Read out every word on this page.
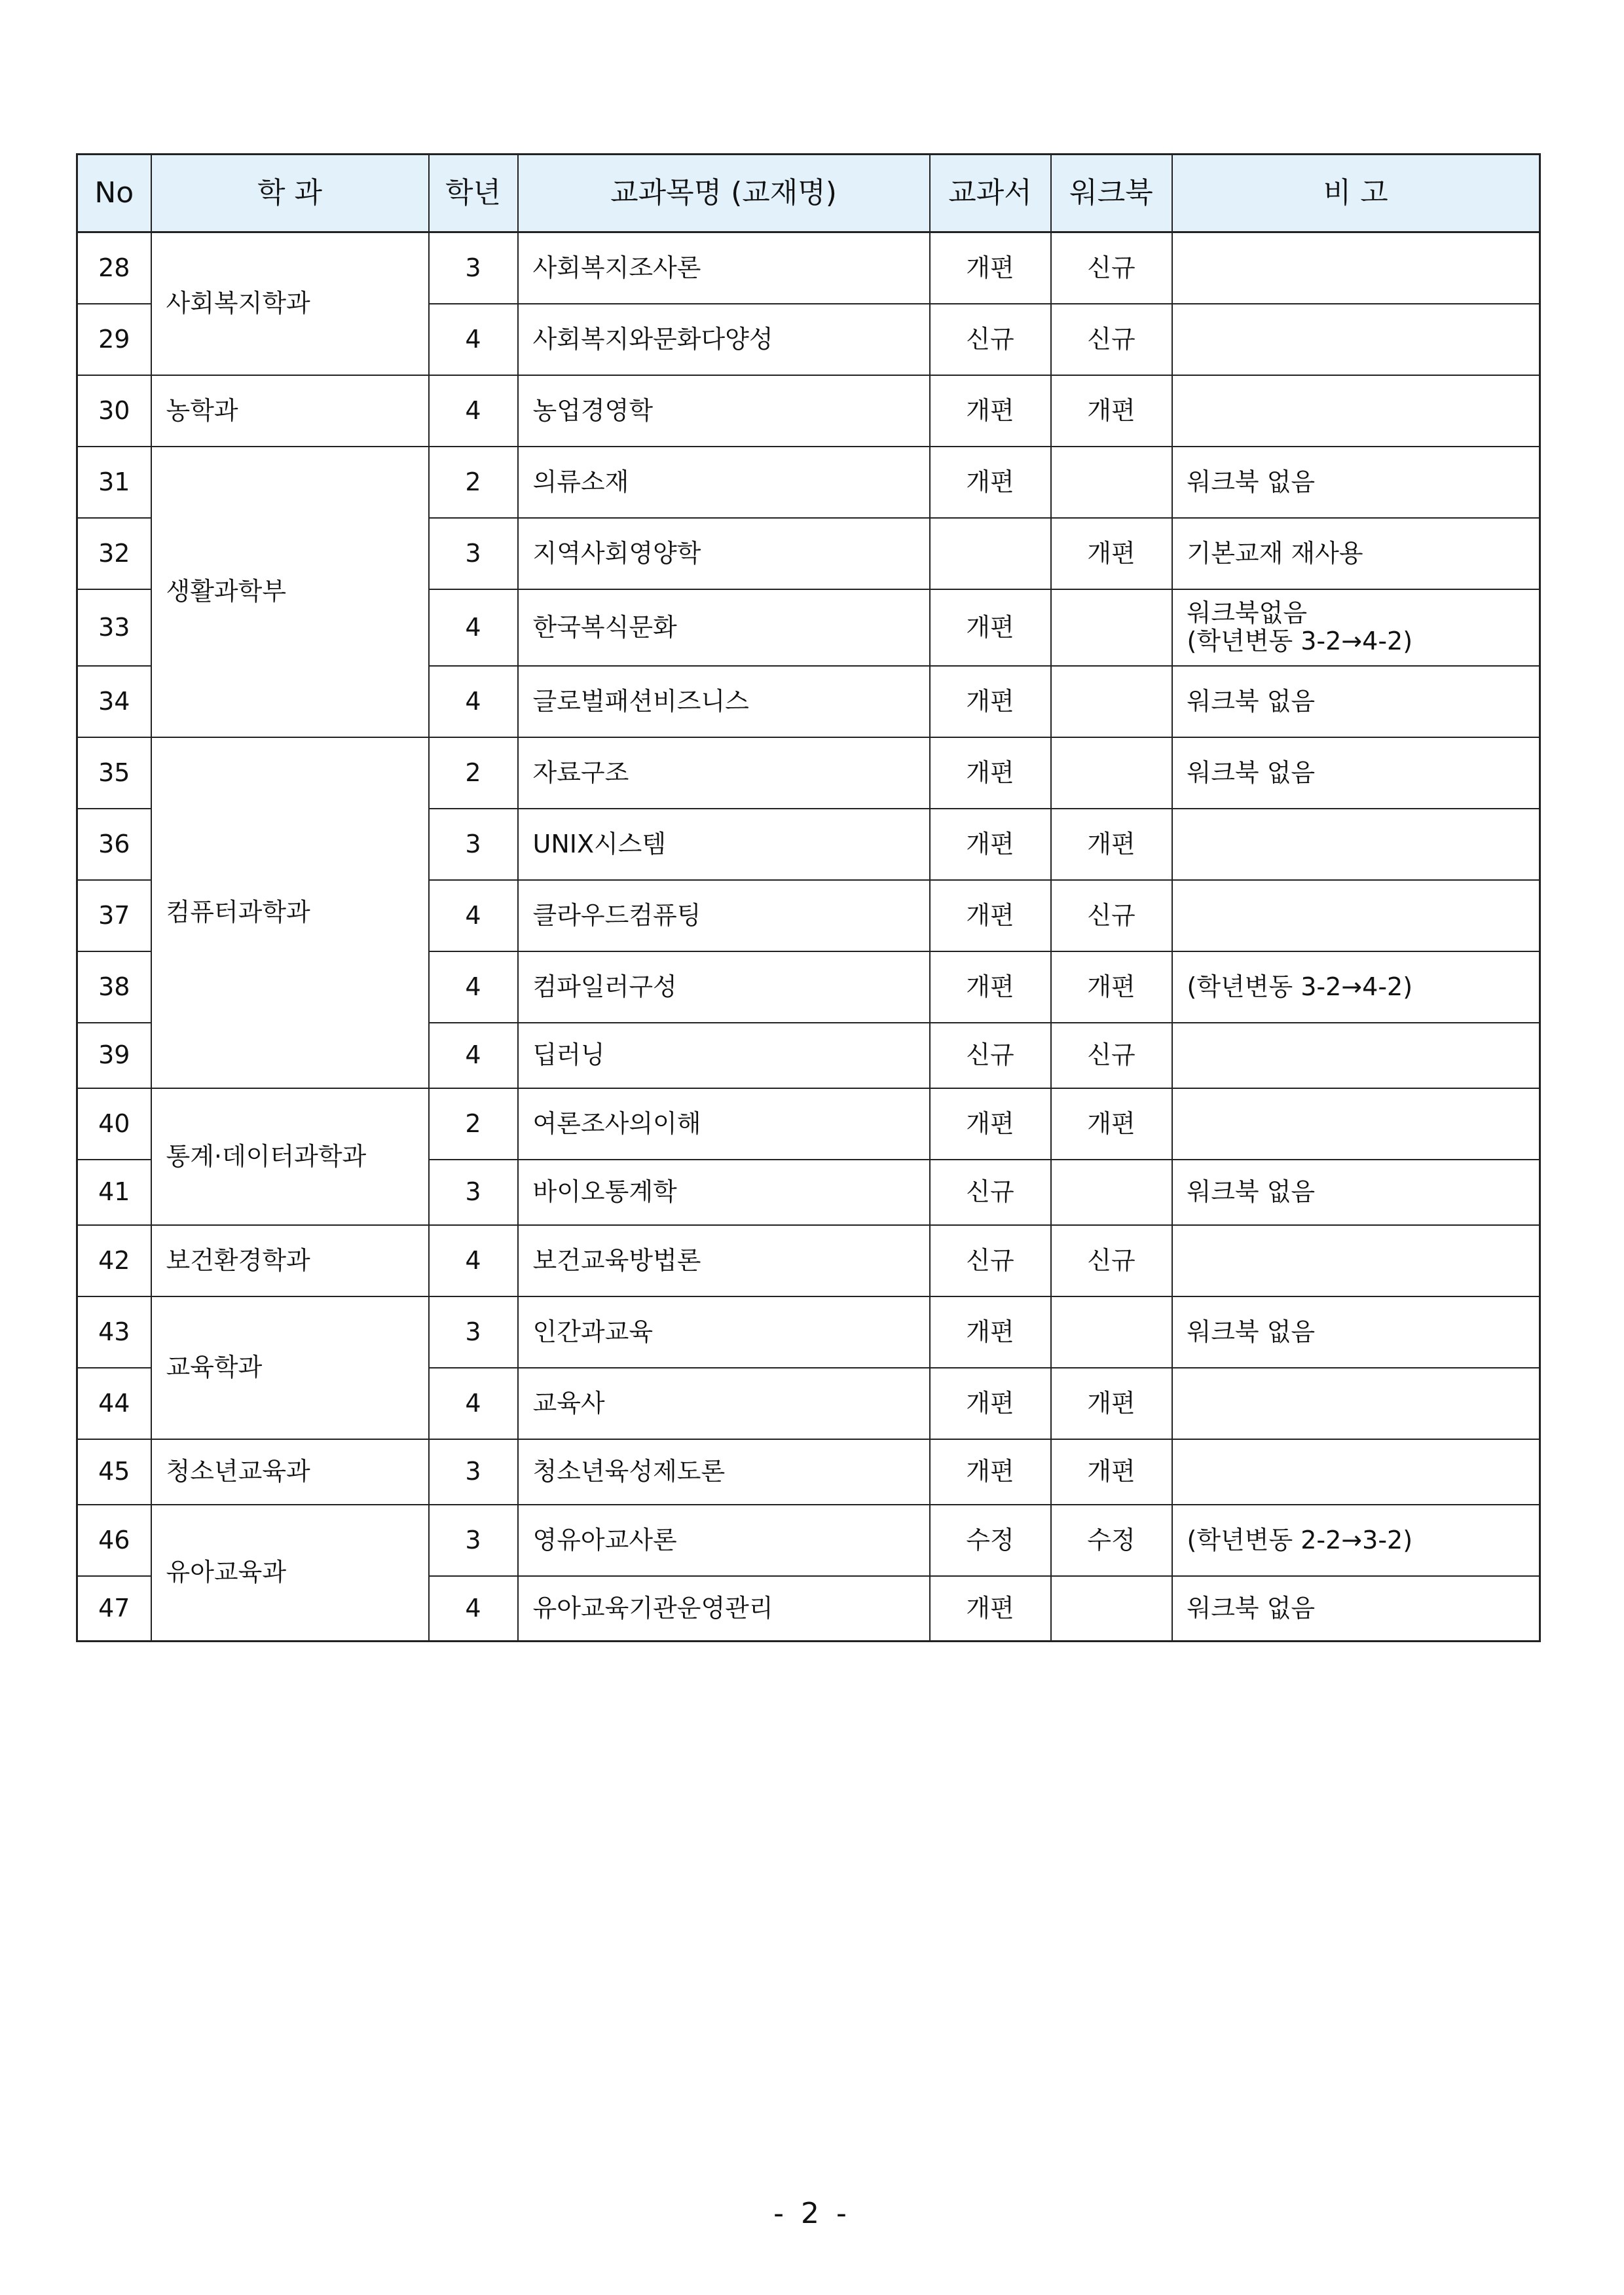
No	학 과	학년	교과목명 (교재명)	교과서	워크북	비 고
28	사회복지학과	3	사회복지조사론	개편	신규	
29		4	사회복지와문화다양성	신규	신규	
30	농학과	4	농업경영학	개편	개편	
31	생활과학부	2	의류소재	개편		워크북 없음
32		3	지역사회영양학		개편	기본교재 재사용
33		4	한국복식문화	개편		워크북없음
(학년변동 3-2→4-2)

34		4	글로벌패션비즈니스	개편		워크북 없음
35	컴퓨터과학과	2	자료구조	개편		워크북 없음
36		3	UNIX시스템	개편	개편	
37		4	클라우드컴퓨팅	개편	신규	
38		4	컴파일러구성	개편	개편	(학년변동 3-2→4-2)
39		4	딥러닝	신규	신규	
40	통계·데이터과학과	2	여론조사의이해	개편	개편	
41		3	바이오통계학	신규		워크북 없음
42	보건환경학과	4	보건교육방법론	신규	신규	
43	교육학과	3	인간과교육	개편		워크북 없음
44		4	교육사	개편	개편	
45	청소년교육과	3	청소년육성제도론	개편	개편	
46	유아교육과	3	영유아교사론	수정	수정	(학년변동 2-2→3-2)
47		4	유아교육기관운영관리	개편		워크북 없음
- 2 -
